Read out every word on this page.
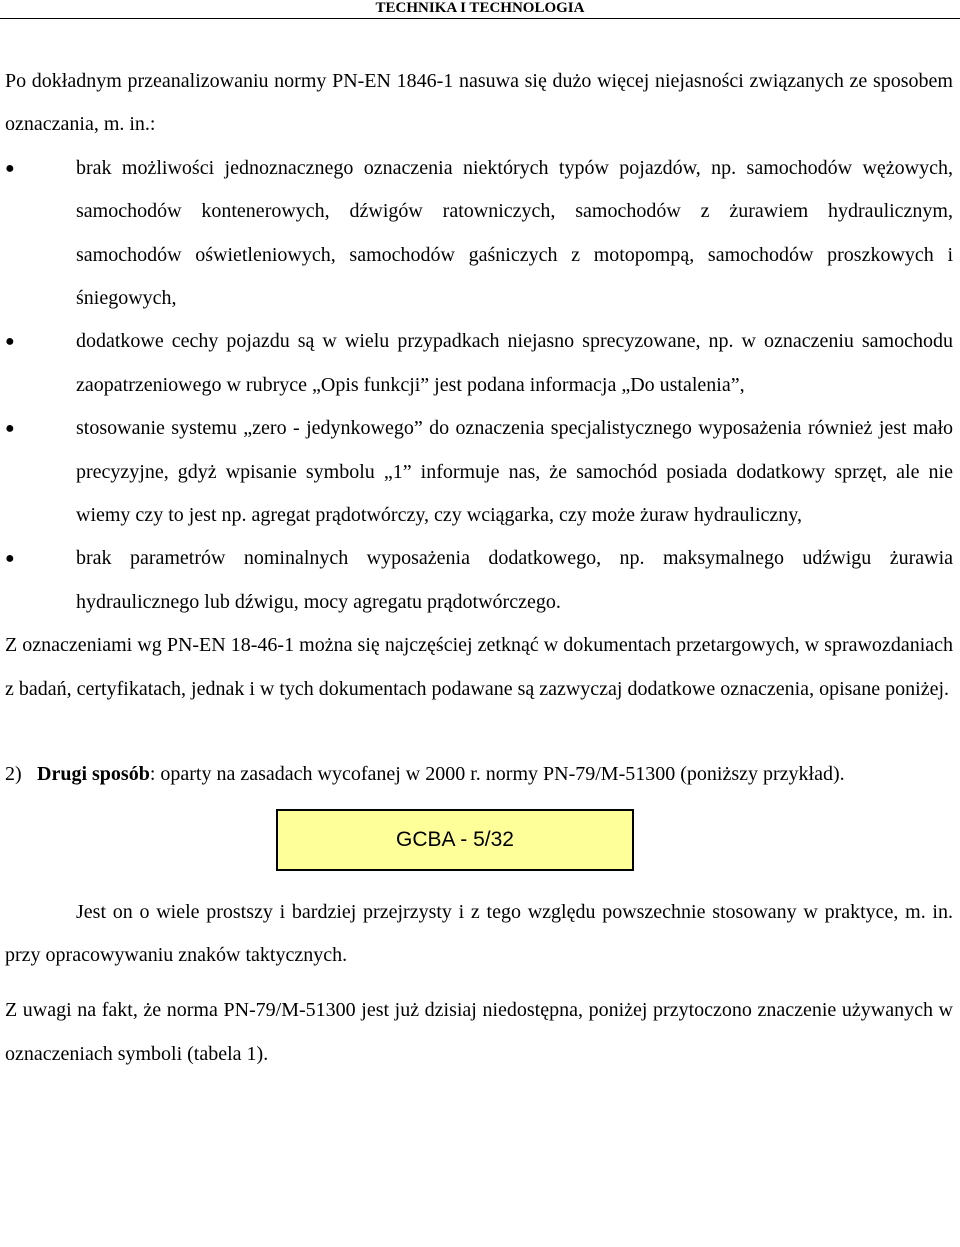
TECHNIKA I TECHNOLOGIA

Po dokładnym przeanalizowaniu normy PN-EN 1846-1 nasuwa się dużo więcej niejasności związanych ze sposobem oznaczania, m. in.:

●	brak możliwości jednoznacznego oznaczenia niektórych typów pojazdów, np. samochodów wężowych, samochodów kontenerowych, dźwigów ratowniczych, samochodów z żurawiem hydraulicznym, samochodów oświetleniowych, samochodów gaśniczych z motopompą, samochodów proszkowych i śniegowych,
●	dodatkowe cechy pojazdu są w wielu przypadkach niejasno sprecyzowane, np. w oznaczeniu samochodu zaopatrzeniowego w rubryce „Opis funkcji” jest podana informacja „Do ustalenia”,
●	stosowanie systemu „zero - jedynkowego” do oznaczenia specjalistycznego wyposażenia również jest mało precyzyjne, gdyż wpisanie symbolu „1” informuje nas, że samochód posiada dodatkowy sprzęt, ale nie wiemy czy to jest np. agregat prądotwórczy, czy wciągarka, czy może żuraw hydrauliczny,
●	brak parametrów nominalnych wyposażenia dodatkowego, np. maksymalnego udźwigu żurawia hydraulicznego lub dźwigu, mocy agregatu prądotwórczego.

Z oznaczeniami wg PN-EN 18-46-1 można się najczęściej zetknąć w dokumentach przetargowych, w sprawozdaniach z badań, certyfikatach, jednak i w tych dokumentach podawane są zazwyczaj dodatkowe oznaczenia, opisane poniżej.

2) Drugi sposób: oparty na zasadach wycofanej w 2000 r. normy PN-79/M-51300 (poniższy przykład).

GCBA - 5/32

Jest on o wiele prostszy i bardziej przejrzysty i z tego względu powszechnie stosowany w praktyce, m. in. przy opracowywaniu znaków taktycznych.

Z uwagi na fakt, że norma PN-79/M-51300 jest już dzisiaj niedostępna, poniżej przytoczono znaczenie używanych w oznaczeniach symboli (tabela 1).
